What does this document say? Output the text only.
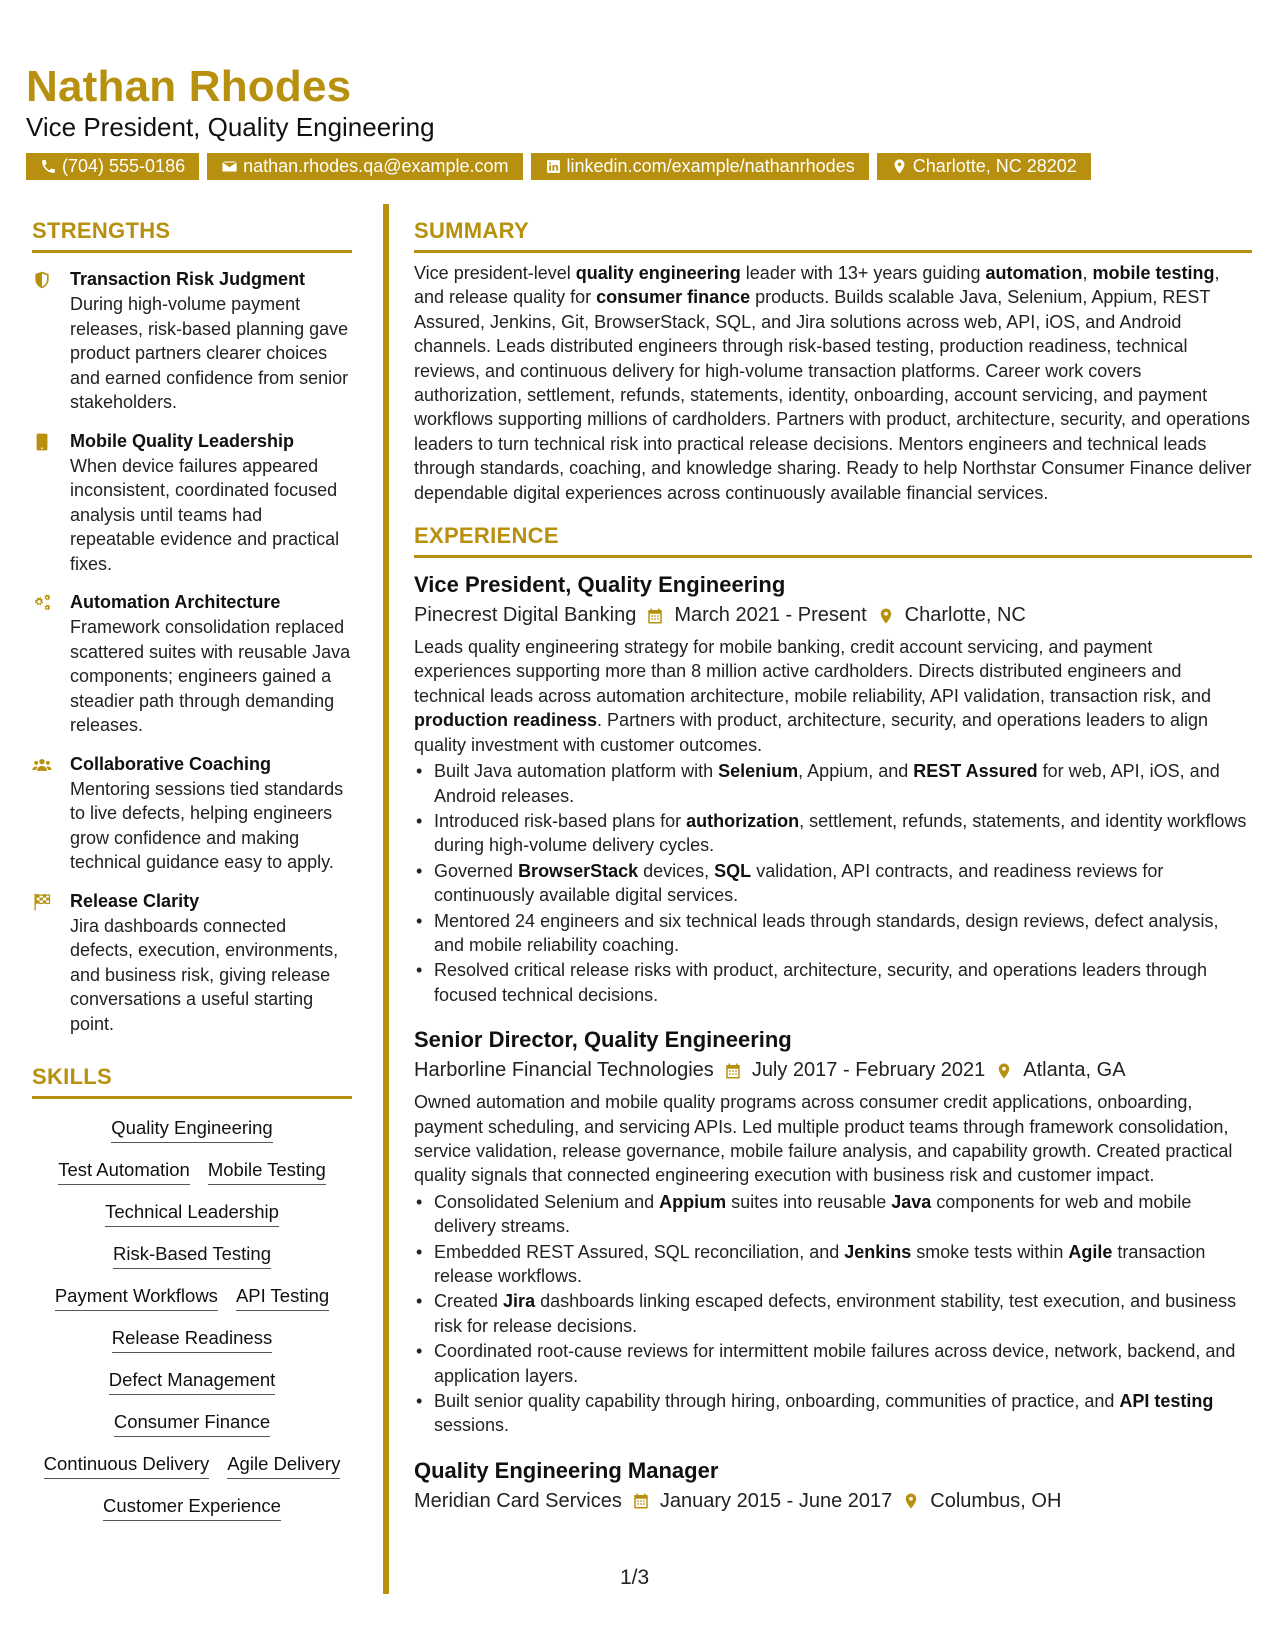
Nathan Rhodes
Vice President, Quality Engineering
(704) 555-0186	nathan.rhodes.qa@example.com	linkedin.com/example/nathanrhodes	Charlotte, NC 28202
STRENGTHS
Transaction Risk Judgment
During high-volume payment releases, risk-based planning gave product partners clearer choices and earned confidence from senior stakeholders.
Mobile Quality Leadership
When device failures appeared inconsistent, coordinated focused analysis until teams had repeatable evidence and practical fixes.
Automation Architecture
Framework consolidation replaced scattered suites with reusable Java components; engineers gained a steadier path through demanding releases.
Collaborative Coaching
Mentoring sessions tied standards to live defects, helping engineers grow confidence and making technical guidance easy to apply.
Release Clarity
Jira dashboards connected defects, execution, environments, and business risk, giving release conversations a useful starting point.
SKILLS
Quality Engineering
Test Automation Mobile Testing
Technical Leadership
Risk-Based Testing
Payment Workflows API Testing
Release Readiness
Defect Management
Consumer Finance
Continuous Delivery Agile Delivery
Customer Experience
SUMMARY
Vice president-level quality engineering leader with 13+ years guiding automation, mobile testing, and release quality for consumer finance products. Builds scalable Java, Selenium, Appium, REST Assured, Jenkins, Git, BrowserStack, SQL, and Jira solutions across web, API, iOS, and Android channels. Leads distributed engineers through risk-based testing, production readiness, technical reviews, and continuous delivery for high-volume transaction platforms. Career work covers authorization, settlement, refunds, statements, identity, onboarding, account servicing, and payment workflows supporting millions of cardholders. Partners with product, architecture, security, and operations leaders to turn technical risk into practical release decisions. Mentors engineers and technical leads through standards, coaching, and knowledge sharing. Ready to help Northstar Consumer Finance deliver dependable digital experiences across continuously available financial services.
EXPERIENCE
Vice President, Quality Engineering
Pinecrest Digital Banking March 2021 - Present Charlotte, NC
Leads quality engineering strategy for mobile banking, credit account servicing, and payment experiences supporting more than 8 million active cardholders. Directs distributed engineers and technical leads across automation architecture, mobile reliability, API validation, transaction risk, and production readiness. Partners with product, architecture, security, and operations leaders to align quality investment with customer outcomes.
• Built Java automation platform with Selenium, Appium, and REST Assured for web, API, iOS, and Android releases.
• Introduced risk-based plans for authorization, settlement, refunds, statements, and identity workflows during high-volume delivery cycles.
• Governed BrowserStack devices, SQL validation, API contracts, and readiness reviews for continuously available digital services.
• Mentored 24 engineers and six technical leads through standards, design reviews, defect analysis, and mobile reliability coaching.
• Resolved critical release risks with product, architecture, security, and operations leaders through focused technical decisions.
Senior Director, Quality Engineering
Harborline Financial Technologies July 2017 - February 2021 Atlanta, GA
Owned automation and mobile quality programs across consumer credit applications, onboarding, payment scheduling, and servicing APIs. Led multiple product teams through framework consolidation, service validation, release governance, mobile failure analysis, and capability growth. Created practical quality signals that connected engineering execution with business risk and customer impact.
• Consolidated Selenium and Appium suites into reusable Java components for web and mobile delivery streams.
• Embedded REST Assured, SQL reconciliation, and Jenkins smoke tests within Agile transaction release workflows.
• Created Jira dashboards linking escaped defects, environment stability, test execution, and business risk for release decisions.
• Coordinated root-cause reviews for intermittent mobile failures across device, network, backend, and application layers.
• Built senior quality capability through hiring, onboarding, communities of practice, and API testing sessions.
Quality Engineering Manager
Meridian Card Services January 2015 - June 2017 Columbus, OH
1/3
